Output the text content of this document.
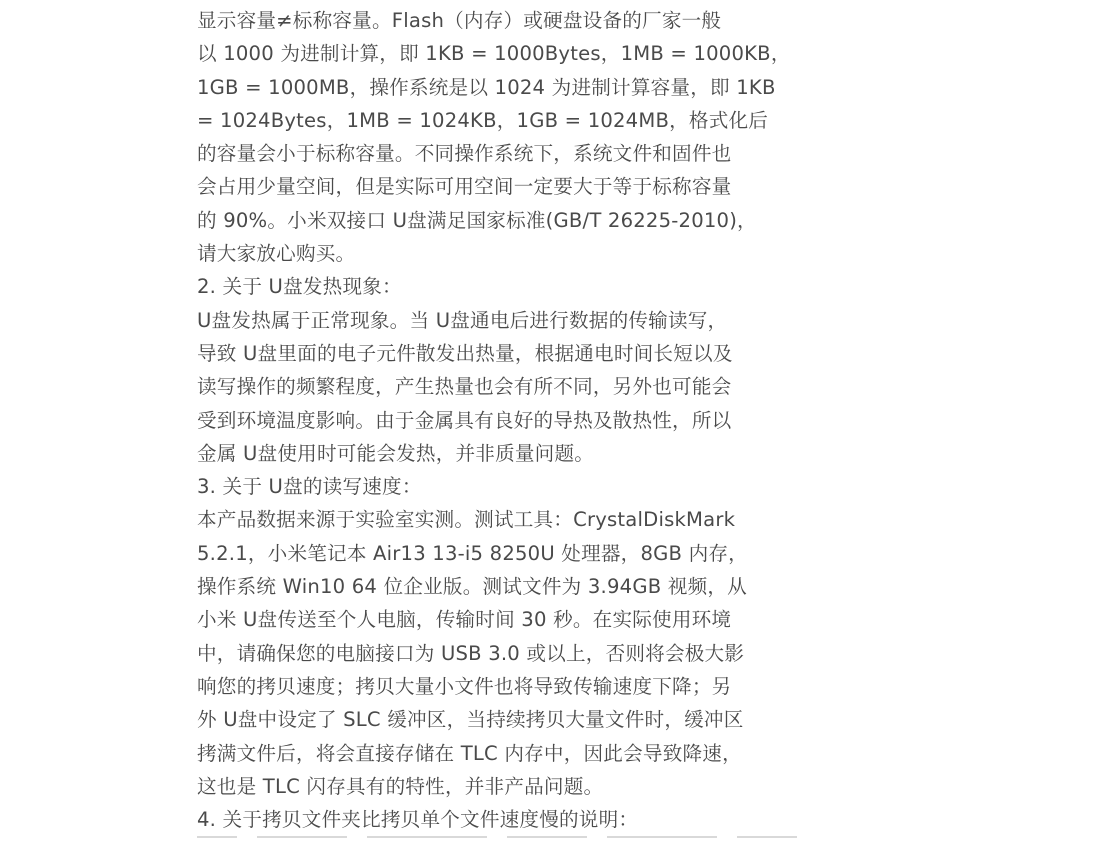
显示容量≠标称容量。Flash（内存）或硬盘设备的厂家一般
以 1000 为进制计算，即 1KB = 1000Bytes，1MB = 1000KB，
1GB = 1000MB，操作系统是以 1024 为进制计算容量，即 1KB
= 1024Bytes，1MB = 1024KB，1GB = 1024MB，格式化后
的容量会小于标称容量。不同操作系统下，系统文件和固件也
会占用少量空间，但是实际可用空间一定要大于等于标称容量
的 90%。小米双接口 U盘满足国家标准(GB/T 26225-2010)，
请大家放心购买。
2. 关于 U盘发热现象：
U盘发热属于正常现象。当 U盘通电后进行数据的传输读写，
导致 U盘里面的电子元件散发出热量，根据通电时间长短以及
读写操作的频繁程度，产生热量也会有所不同，另外也可能会
受到环境温度影响。由于金属具有良好的导热及散热性，所以
金属 U盘使用时可能会发热，并非质量问题。
3. 关于 U盘的读写速度：
本产品数据来源于实验室实测。测试工具：CrystalDiskMark
5.2.1，小米笔记本 Air13 13-i5 8250U 处理器，8GB 内存，
操作系统 Win10 64 位企业版。测试文件为 3.94GB 视频，从
小米 U盘传送至个人电脑，传输时间 30 秒。在实际使用环境
中，请确保您的电脑接口为 USB 3.0 或以上，否则将会极大影
响您的拷贝速度；拷贝大量小文件也将导致传输速度下降；另
外 U盘中设定了 SLC 缓冲区，当持续拷贝大量文件时，缓冲区
拷满文件后，将会直接存储在 TLC 内存中，因此会导致降速，
这也是 TLC 闪存具有的特性，并非产品问题。
4. 关于拷贝文件夹比拷贝单个文件速度慢的说明：
